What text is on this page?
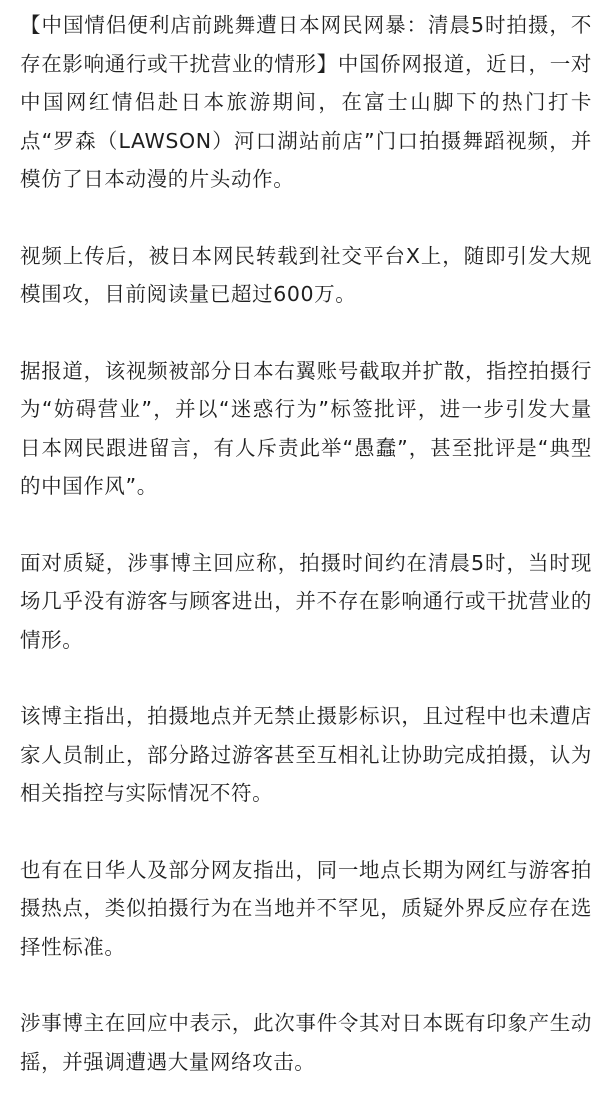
【中国情侣便利店前跳舞遭日本网民网暴：清晨5时拍摄，不存在影响通行或干扰营业的情形】中国侨网报道，近日，一对中国网红情侣赴日本旅游期间，在富士山脚下的热门打卡点“罗森（LAWSON）河口湖站前店”门口拍摄舞蹈视频，并模仿了日本动漫的片头动作。

视频上传后，被日本网民转载到社交平台X上，随即引发大规模围攻，目前阅读量已超过600万。

据报道，该视频被部分日本右翼账号截取并扩散，指控拍摄行为“妨碍营业”，并以“迷惑行为”标签批评，进一步引发大量日本网民跟进留言，有人斥责此举“愚蠢”，甚至批评是“典型的中国作风”。

面对质疑，涉事博主回应称，拍摄时间约在清晨5时，当时现场几乎没有游客与顾客进出，并不存在影响通行或干扰营业的情形。

该博主指出，拍摄地点并无禁止摄影标识，且过程中也未遭店家人员制止，部分路过游客甚至互相礼让协助完成拍摄，认为相关指控与实际情况不符。

也有在日华人及部分网友指出，同一地点长期为网红与游客拍摄热点，类似拍摄行为在当地并不罕见，质疑外界反应存在选择性标准。

涉事博主在回应中表示，此次事件令其对日本既有印象产生动摇，并强调遭遇大量网络攻击。
